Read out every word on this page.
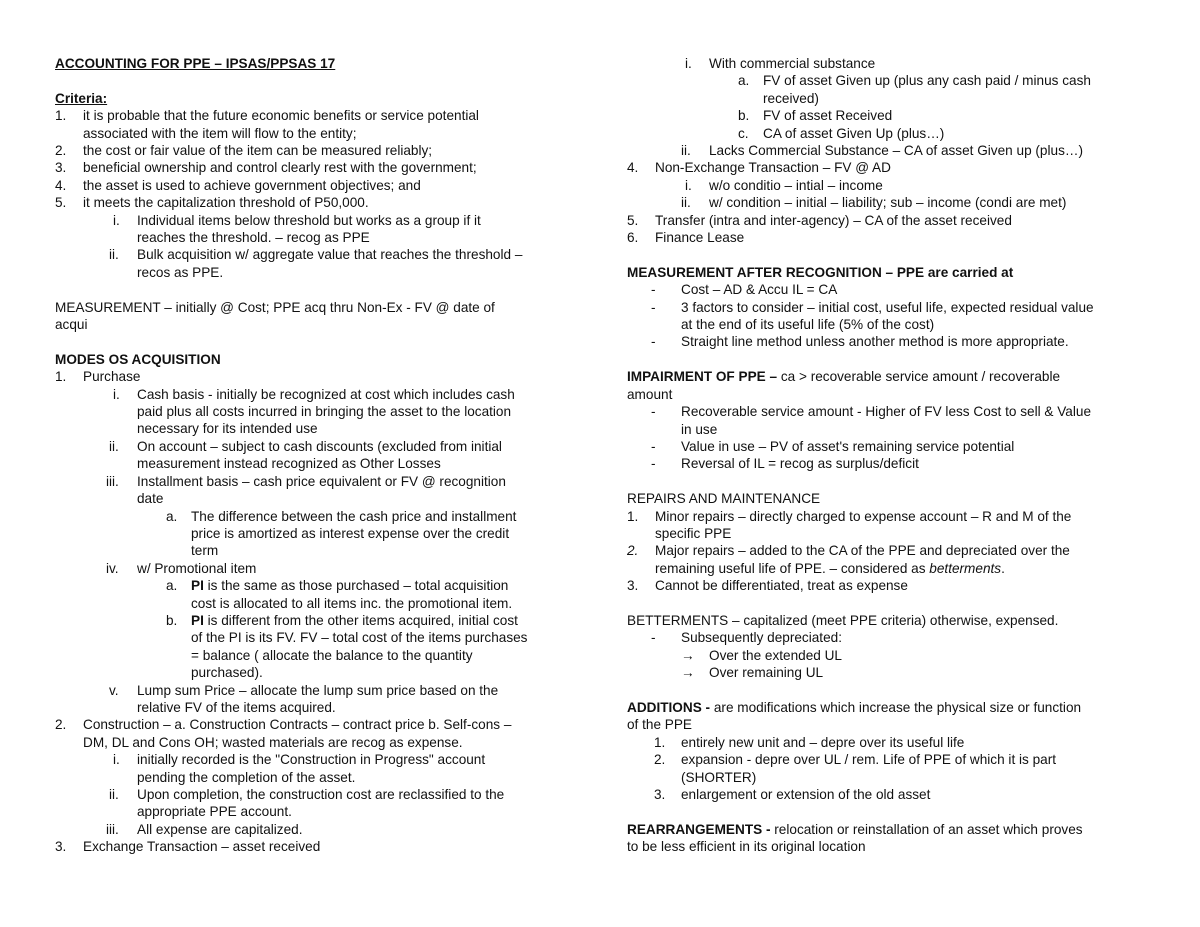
ACCOUNTING FOR PPE – IPSAS/PPSAS 17
Criteria:
1. it is probable that the future economic benefits or service potential
associated with the item will flow to the entity;
2. the cost or fair value of the item can be measured reliably;
3. beneficial ownership and control clearly rest with the government;
4. the asset is used to achieve government objectives; and
5. it meets the capitalization threshold of P50,000.
i. Individual items below threshold but works as a group if it
reaches the threshold. – recog as PPE
ii. Bulk acquisition w/ aggregate value that reaches the threshold –
recos as PPE.
MEASUREMENT – initially @ Cost; PPE acq thru Non-Ex - FV @ date of
acqui
MODES OS ACQUISITION
1. Purchase
i. Cash basis - initially be recognized at cost which includes cash
paid plus all costs incurred in bringing the asset to the location
necessary for its intended use
ii. On account – subject to cash discounts (excluded from initial
measurement instead recognized as Other Losses
iii. Installment basis – cash price equivalent or FV @ recognition
date
a. The difference between the cash price and installment
price is amortized as interest expense over the credit
term
iv. w/ Promotional item
a. PI is the same as those purchased – total acquisition
cost is allocated to all items inc. the promotional item.
b. PI is different from the other items acquired, initial cost
of the PI is its FV. FV – total cost of the items purchases
= balance ( allocate the balance to the quantity
purchased).
v. Lump sum Price – allocate the lump sum price based on the
relative FV of the items acquired.
2. Construction – a. Construction Contracts – contract price b. Self-cons –
DM, DL and Cons OH; wasted materials are recog as expense.
i. initially recorded is the "Construction in Progress" account
pending the completion of the asset.
ii. Upon completion, the construction cost are reclassified to the
appropriate PPE account.
iii. All expense are capitalized.
3. Exchange Transaction – asset received
i. With commercial substance
a. FV of asset Given up (plus any cash paid / minus cash
received)
b. FV of asset Received
c. CA of asset Given Up (plus…)
ii. Lacks Commercial Substance – CA of asset Given up (plus…)
4. Non-Exchange Transaction – FV @ AD
i. w/o conditio – intial – income
ii. w/ condition – initial – liability; sub – income (condi are met)
5. Transfer (intra and inter-agency) – CA of the asset received
6. Finance Lease
MEASUREMENT AFTER RECOGNITION – PPE are carried at
- Cost – AD & Accu IL = CA
- 3 factors to consider – initial cost, useful life, expected residual value
at the end of its useful life (5% of the cost)
- Straight line method unless another method is more appropriate.
IMPAIRMENT OF PPE – ca > recoverable service amount / recoverable
amount
- Recoverable service amount - Higher of FV less Cost to sell & Value
in use
- Value in use – PV of asset's remaining service potential
- Reversal of IL = recog as surplus/deficit
REPAIRS AND MAINTENANCE
1. Minor repairs – directly charged to expense account – R and M of the
specific PPE
2. Major repairs – added to the CA of the PPE and depreciated over the
remaining useful life of PPE. – considered as betterments.
3. Cannot be differentiated, treat as expense
BETTERMENTS – capitalized (meet PPE criteria) otherwise, expensed.
- Subsequently depreciated:
→ Over the extended UL
→ Over remaining UL
ADDITIONS - are modifications which increase the physical size or function
of the PPE
1. entirely new unit and – depre over its useful life
2. expansion - depre over UL / rem. Life of PPE of which it is part
(SHORTER)
3. enlargement or extension of the old asset
REARRANGEMENTS - relocation or reinstallation of an asset which proves
to be less efficient in its original location
